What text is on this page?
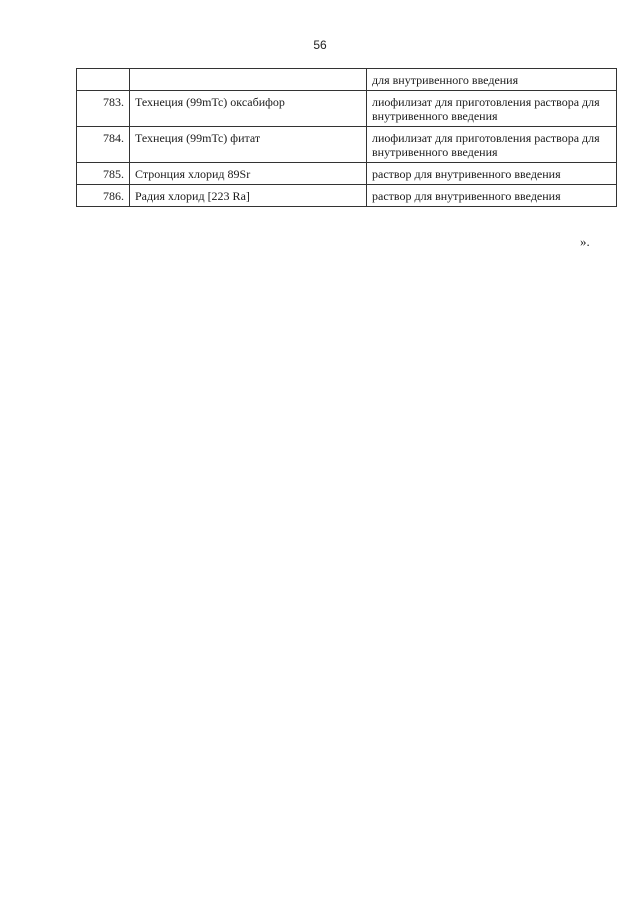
56
		для внутривенного введения
783.	Технеция (99mTc) оксабифор	лиофилизат для приготовления раствора для внутривенного введения
784.	Технеция (99mTc) фитат	лиофилизат для приготовления раствора для внутривенного введения
785.	Стронция хлорид 89Sr	раствор для внутривенного введения
786.	Радия хлорид [223 Ra]	раствор для внутривенного введения
».
